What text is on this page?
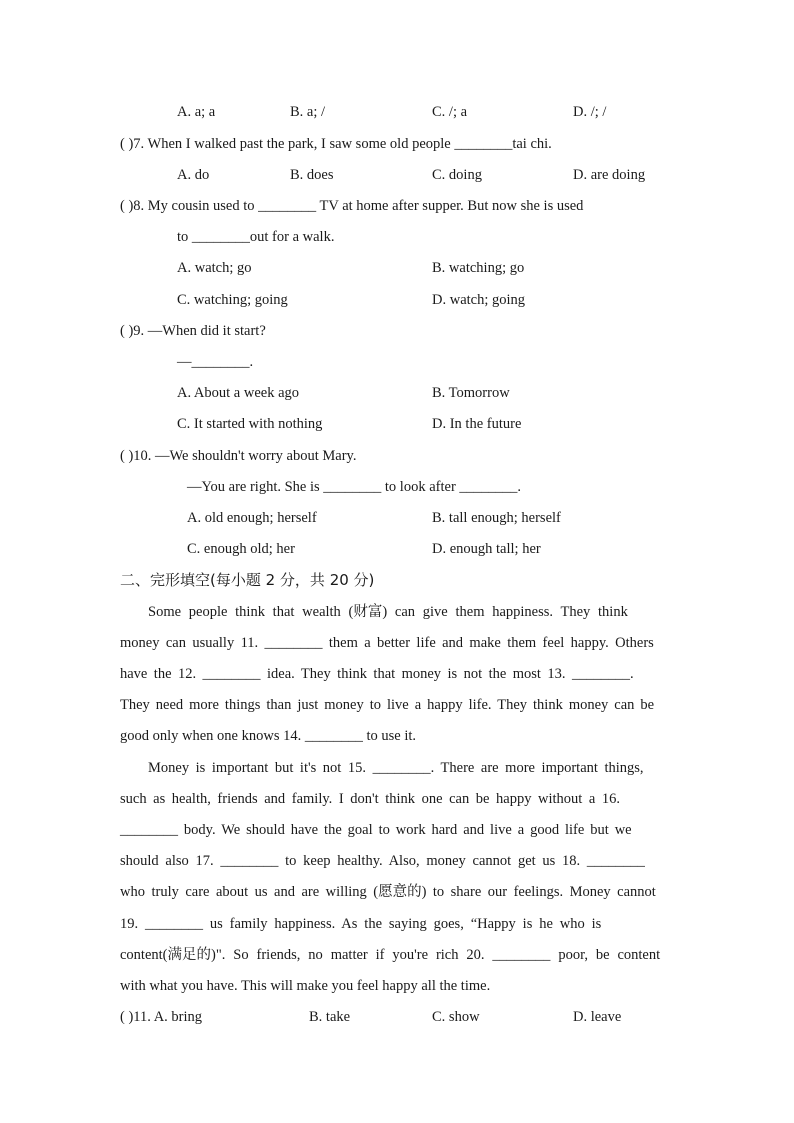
A. a; a	B. a; /	C. /; a	D. /; /
( )7. When I walked past the park, I saw some old people ________tai chi.
A. do	B. does	C. doing	D. are doing
( )8. My cousin used to ________ TV at home after supper. But now she is used
to ________out for a walk.
A. watch; go	B. watching; go
C. watching; going	D. watch; going
( )9. —When did it start?
—________.
A. About a week ago	B. Tomorrow
C. It started with nothing	D. In the future
( )10. —We shouldn't worry about Mary.
—You are right. She is ________ to look after ________.
A. old enough; herself	B. tall enough; herself
C. enough old; her	D. enough tall; her
二、完形填空(每小题 2 分，共 20 分)
Some people think that wealth (财富) can give them happiness. They think
money can usually 11. ________ them a better life and make them feel happy. Others
have the 12. ________ idea. They think that money is not the most 13. ________.
They need more things than just money to live a happy life. They think money can be
good only when one knows 14. ________ to use it.
Money is important but it's not 15. ________. There are more important things,
such as health, friends and family. I don't think one can be happy without a 16.
________ body. We should have the goal to work hard and live a good life but we
should also 17. ________ to keep healthy. Also, money cannot get us 18. ________
who truly care about us and are willing (愿意的) to share our feelings. Money cannot
19. ________ us family happiness. As the saying goes, “Happy is he who is
content(满足的)". So friends, no matter if you're rich 20. ________ poor, be content
with what you have. This will make you feel happy all the time.
( )11. A. bring	B. take	C. show	D. leave
